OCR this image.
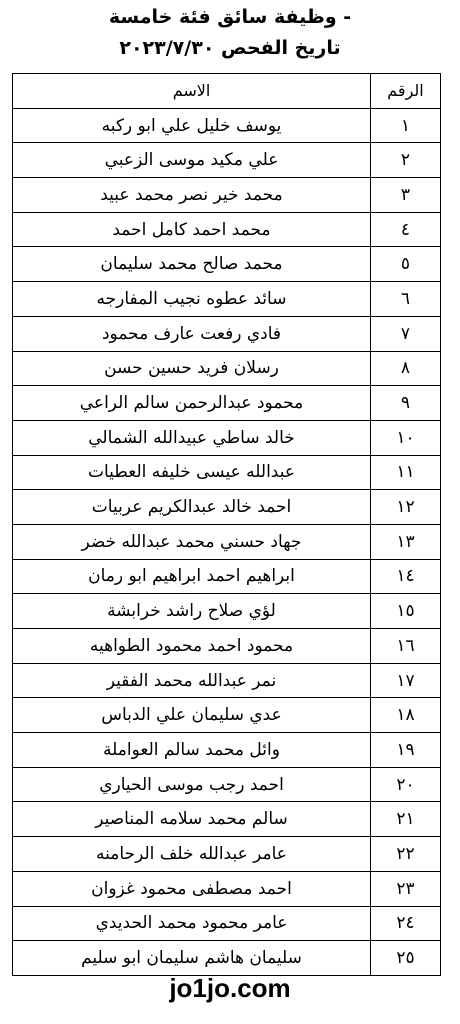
- وظيفة سائق فئة خامسة
تاريخ الفحص ٢٠٢٣/٧/٣٠
الرقم	الاسم
١	يوسف خليل علي ابو ركبه
٢	علي مكيد موسى الزعبي
٣	محمد خير نصر محمد عبيد
٤	محمد احمد كامل احمد
٥	محمد صالح محمد سليمان
٦	سائد عطوه نجيب المفارجه
٧	فادي رفعت عارف محمود
٨	رسلان فريد حسين حسن
٩	محمود عبدالرحمن سالم الراعي
١٠	خالد ساطي عبيدالله الشمالي
١١	عبدالله عيسى خليفه العطيات
١٢	احمد خالد عبدالكريم عربيات
١٣	جهاد حسني محمد عبدالله خضر
١٤	ابراهيم احمد ابراهيم ابو رمان
١٥	لؤي صلاح راشد خرابشة
١٦	محمود احمد محمود الطواهيه
١٧	نمر عبدالله محمد الفقير
١٨	عدي سليمان علي الدباس
١٩	وائل محمد سالم العواملة
٢٠	احمد رجب موسى الحياري
٢١	سالم محمد سلامه المناصير
٢٢	عامر عبدالله خلف الرحامنه
٢٣	احمد مصطفى محمود غزوان
٢٤	عامر محمود محمد الحديدي
٢٥	سليمان هاشم سليمان ابو سليم
jo1jo.com
